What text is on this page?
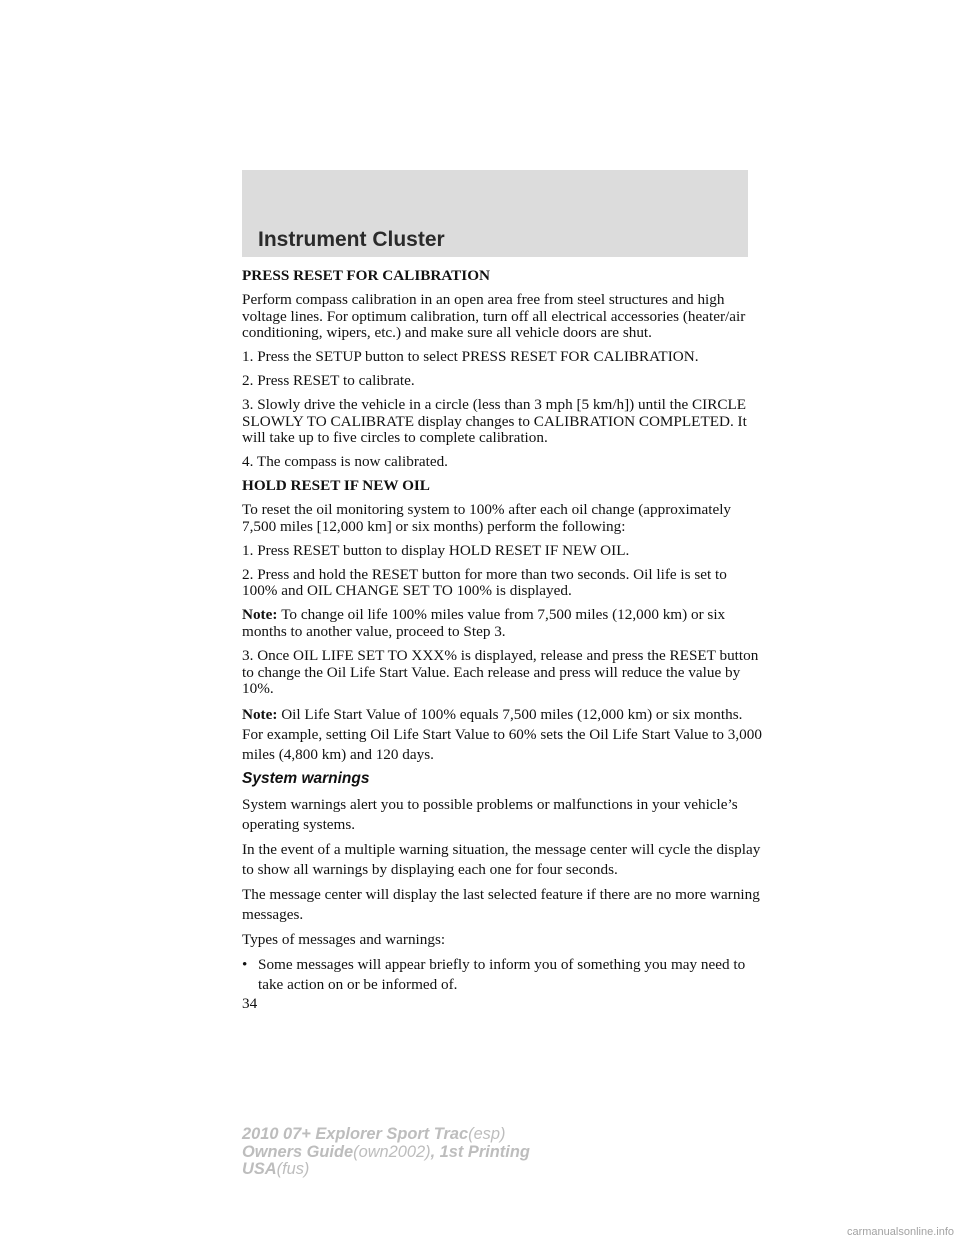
Instrument Cluster

PRESS RESET FOR CALIBRATION

Perform compass calibration in an open area free from steel structures and high voltage lines. For optimum calibration, turn off all electrical accessories (heater/air conditioning, wipers, etc.) and make sure all vehicle doors are shut.

1. Press the SETUP button to select PRESS RESET FOR CALIBRATION.

2. Press RESET to calibrate.

3. Slowly drive the vehicle in a circle (less than 3 mph [5 km/h]) until the CIRCLE SLOWLY TO CALIBRATE display changes to CALIBRATION COMPLETED. It will take up to five circles to complete calibration.

4. The compass is now calibrated.

HOLD RESET IF NEW OIL

To reset the oil monitoring system to 100% after each oil change (approximately 7,500 miles [12,000 km] or six months) perform the following:

1. Press RESET button to display HOLD RESET IF NEW OIL.

2. Press and hold the RESET button for more than two seconds. Oil life is set to 100% and OIL CHANGE SET TO 100% is displayed.

Note: To change oil life 100% miles value from 7,500 miles (12,000 km) or six months to another value, proceed to Step 3.

3. Once OIL LIFE SET TO XXX% is displayed, release and press the RESET button to change the Oil Life Start Value. Each release and press will reduce the value by 10%.

Note: Oil Life Start Value of 100% equals 7,500 miles (12,000 km) or six months. For example, setting Oil Life Start Value to 60% sets the Oil Life Start Value to 3,000 miles (4,800 km) and 120 days.

System warnings

System warnings alert you to possible problems or malfunctions in your vehicle’s operating systems.

In the event of a multiple warning situation, the message center will cycle the display to show all warnings by displaying each one for four seconds.

The message center will display the last selected feature if there are no more warning messages.

Types of messages and warnings:

• Some messages will appear briefly to inform you of something you may need to take action on or be informed of.
34
2010 07+ Explorer Sport Trac(esp)
Owners Guide(own2002), 1st Printing
USA(fus)
carmanualsonline.info
